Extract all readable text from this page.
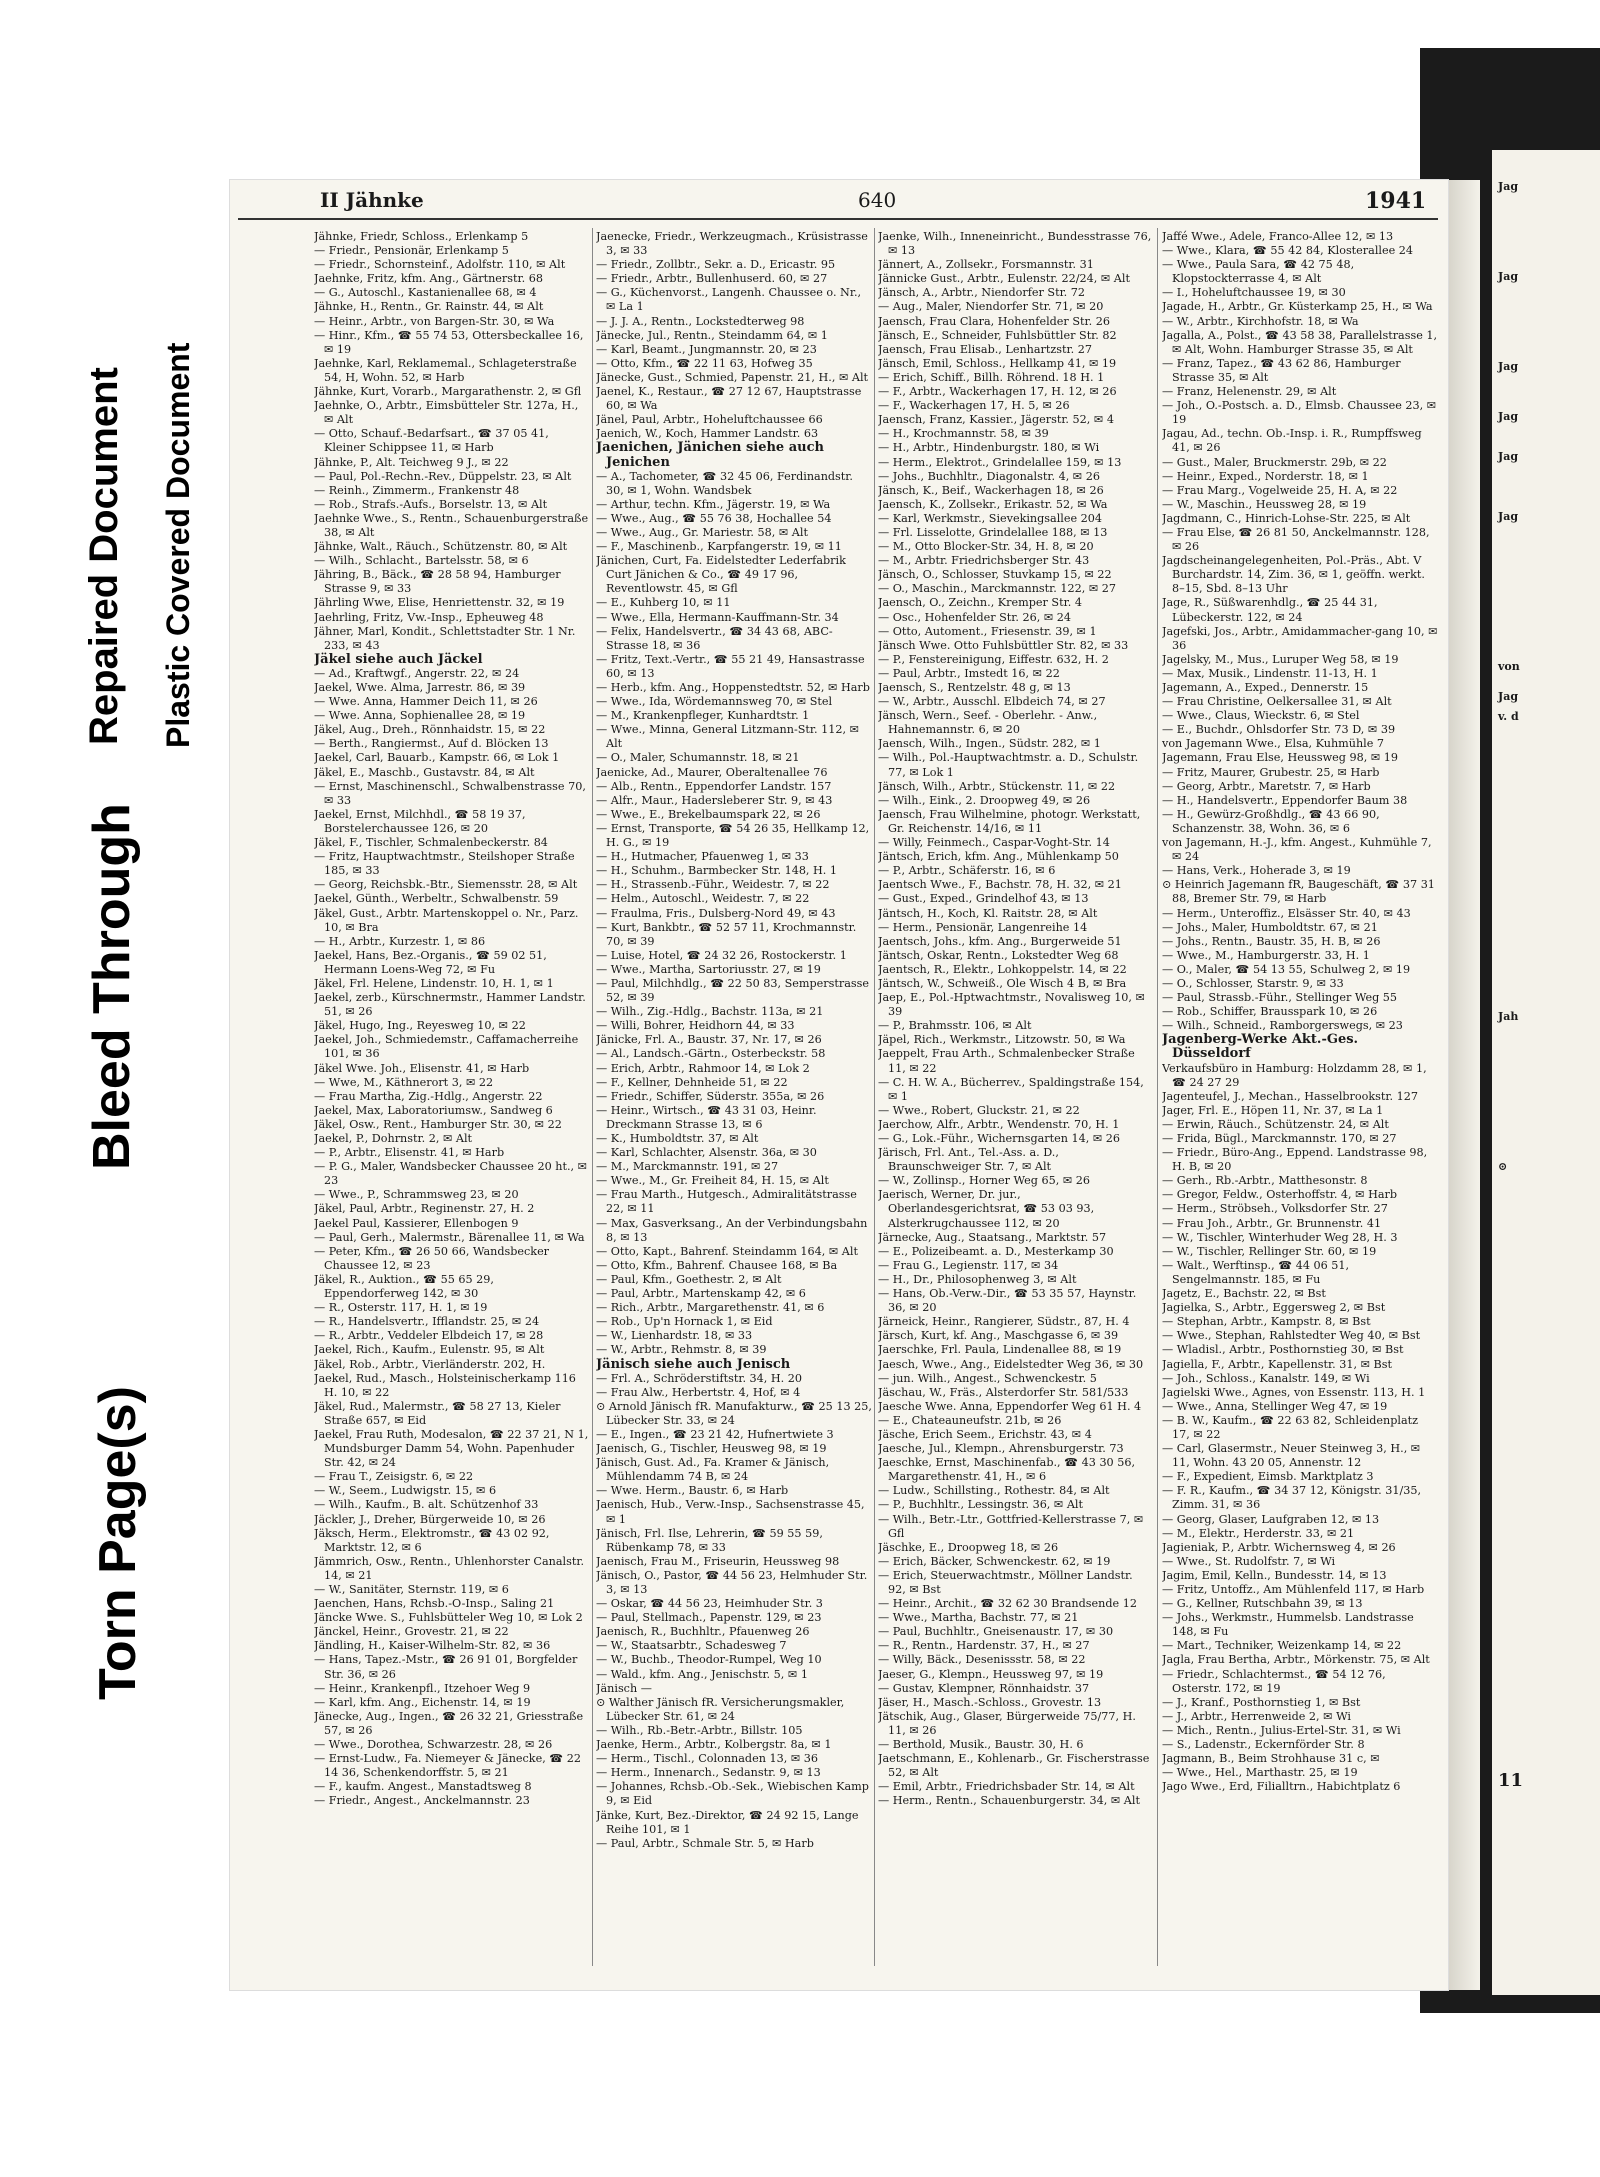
Jag
Jag
Jag
Jag
Jag
Jag
von
Jag
v. d
Jah
⊙
11
II Jähnke	640	1941

Jähnke, Friedr, Schloss., Erlenkamp 5

— Friedr., Pensionär, Erlenkamp 5

— Friedr., Schornsteinf., Adolfstr. 110, ✉ Alt

Jaehnke, Fritz, kfm. Ang., Gärtnerstr. 68

— G., Autoschl., Kastanienallee 68, ✉ 4

Jähnke, H., Rentn., Gr. Rainstr. 44, ✉ Alt

— Heinr., Arbtr., von Bargen-Str. 30, ✉ Wa

— Hinr., Kfm., ☎ 55 74 53, Ottersbeckallee 16, ✉ 19

Jaehnke, Karl, Reklamemal., Schlageterstraße 54, H, Wohn. 52, ✉ Harb

Jähnke, Kurt, Vorarb., Margarathenstr. 2, ✉ Gfl

Jaehnke, O., Arbtr., Eimsbütteler Str. 127a, H., ✉ Alt

— Otto, Schauf.-Bedarfsart., ☎ 37 05 41, Kleiner Schippsee 11, ✉ Harb

Jähnke, P., Alt. Teichweg 9 J., ✉ 22

— Paul, Pol.-Rechn.-Rev., Düppelstr. 23, ✉ Alt

— Reinh., Zimmerm., Frankenstr 48

— Rob., Strafs.-Aufs., Borselstr. 13, ✉ Alt

Jaehnke Wwe., S., Rentn., Schauenburgerstraße 38, ✉ Alt

Jähnke, Walt., Räuch., Schützenstr. 80, ✉ Alt

— Wilh., Schlacht., Bartelsstr. 58, ✉ 6

Jähring, B., Bäck., ☎ 28 58 94, Hamburger Strasse 9, ✉ 33

Jährling Wwe, Elise, Henriettenstr. 32, ✉ 19

Jaehrling, Fritz, Vw.-Insp., Epheuweg 48

Jähner, Marl, Kondit., Schlettstadter Str. 1 Nr. 233, ✉ 43

Jäkel siehe auch Jäckel

— Ad., Kraftwgf., Angerstr. 22, ✉ 24

Jaekel, Wwe. Alma, Jarrestr. 86, ✉ 39

— Wwe. Anna, Hammer Deich 11, ✉ 26

— Wwe. Anna, Sophienallee 28, ✉ 19

Jäkel, Aug., Dreh., Rönnhaidstr. 15, ✉ 22

— Berth., Rangiermst., Auf d. Blöcken 13

Jaekel, Carl, Bauarb., Kampstr. 66, ✉ Lok 1

Jäkel, E., Maschb., Gustavstr. 84, ✉ Alt

— Ernst, Maschinenschl., Schwalbenstrasse 70, ✉ 33

Jaekel, Ernst, Milchhdl., ☎ 58 19 37, Borstelerchaussee 126, ✉ 20

Jäkel, F., Tischler, Schmalenbeckerstr. 84

— Fritz, Hauptwachtmstr., Steilshoper Straße 185, ✉ 33

— Georg, Reichsbk.-Btr., Siemensstr. 28, ✉ Alt

Jaekel, Günth., Werbeltr., Schwalbenstr. 59

Jäkel, Gust., Arbtr. Martenskoppel o. Nr., Parz. 10, ✉ Bra

— H., Arbtr., Kurzestr. 1, ✉ 86

Jaekel, Hans, Bez.-Organis., ☎ 59 02 51, Hermann Loens-Weg 72, ✉ Fu

Jäkel, Frl. Helene, Lindenstr. 10, H. 1, ✉ 1

Jaekel, zerb., Kürschnermstr., Hammer Landstr. 51, ✉ 26

Jäkel, Hugo, Ing., Reyesweg 10, ✉ 22

Jaekel, Joh., Schmiedemstr., Caffamacherreihe 101, ✉ 36

Jäkel Wwe. Joh., Elisenstr. 41, ✉ Harb

— Wwe, M., Käthnerort 3, ✉ 22

— Frau Martha, Zig.-Hdlg., Angerstr. 22

Jaekel, Max, Laboratoriumsw., Sandweg 6

Jäkel, Osw., Rent., Hamburger Str. 30, ✉ 22

Jaekel, P., Dohrnstr. 2, ✉ Alt

— P., Arbtr., Elisenstr. 41, ✉ Harb

— P. G., Maler, Wandsbecker Chaussee 20 ht., ✉ 23

— Wwe., P., Schrammsweg 23, ✉ 20

Jäkel, Paul, Arbtr., Reginenstr. 27, H. 2

Jaekel Paul, Kassierer, Ellenbogen 9

— Paul, Gerh., Malermstr., Bärenallee 11, ✉ Wa

— Peter, Kfm., ☎ 26 50 66, Wandsbecker Chaussee 12, ✉ 23

Jäkel, R., Auktion., ☎ 55 65 29, Eppendorferweg 142, ✉ 30

— R., Osterstr. 117, H. 1, ✉ 19

— R., Handelsvertr., Ifflandstr. 25, ✉ 24

— R., Arbtr., Veddeler Elbdeich 17, ✉ 28

Jaekel, Rich., Kaufm., Eulenstr. 95, ✉ Alt

Jäkel, Rob., Arbtr., Vierländerstr. 202, H.

Jaekel, Rud., Masch., Holsteinischerkamp 116 H. 10, ✉ 22

Jäkel, Rud., Malermstr., ☎ 58 27 13, Kieler Straße 657, ✉ Eid

Jaekel, Frau Ruth, Modesalon, ☎ 22 37 21, N 1, Mundsburger Damm 54, Wohn. Papenhuder Str. 42, ✉ 24

— Frau T., Zeisigstr. 6, ✉ 22

— W., Seem., Ludwigstr. 15, ✉ 6

— Wilh., Kaufm., B. alt. Schützenhof 33

Jäckler, J., Dreher, Bürgerweide 10, ✉ 26

Jäksch, Herm., Elektromstr., ☎ 43 02 92, Marktstr. 12, ✉ 6

Jämmrich, Osw., Rentn., Uhlenhorster Canalstr. 14, ✉ 21

— W., Sanitäter, Sternstr. 119, ✉ 6

Jaenchen, Hans, Rchsb.-O-Insp., Saling 21

Jäncke Wwe. S., Fuhlsbütteler Weg 10, ✉ Lok 2

Jänckel, Heinr., Grovestr. 21, ✉ 22

Jändling, H., Kaiser-Wilhelm-Str. 82, ✉ 36

— Hans, Tapez.-Mstr., ☎ 26 91 01, Borgfelder Str. 36, ✉ 26

— Heinr., Krankenpfl., Itzehoer Weg 9

— Karl, kfm. Ang., Eichenstr. 14, ✉ 19

Jänecke, Aug., Ingen., ☎ 26 32 21, Griesstraße 57, ✉ 26

— Wwe., Dorothea, Schwarzestr. 28, ✉ 26

— Ernst-Ludw., Fa. Niemeyer & Jänecke, ☎ 22 14 36, Schenkendorffstr. 5, ✉ 21

— F., kaufm. Angest., Manstadtsweg 8

— Friedr., Angest., Anckelmannstr. 23

Jaenecke, Friedr., Werkzeugmach., Krüsistrasse 3, ✉ 33

— Friedr., Zollbtr., Sekr. a. D., Ericastr. 95

— Friedr., Arbtr., Bullenhuserd. 60, ✉ 27

— G., Küchenvorst., Langenh. Chaussee o. Nr., ✉ La 1

— J. J. A., Rentn., Lockstedterweg 98

Jänecke, Jul., Rentn., Steindamm 64, ✉ 1

— Karl, Beamt., Jungmannstr. 20, ✉ 23

— Otto, Kfm., ☎ 22 11 63, Hofweg 35

Jänecke, Gust., Schmied, Papenstr. 21, H., ✉ Alt

Jaenel, K., Restaur., ☎ 27 12 67, Hauptstrasse 60, ✉ Wa

Jänel, Paul, Arbtr., Hoheluftchaussee 66

Jaenich, W., Koch, Hammer Landstr. 63

Jaenichen, Jänichen siehe auch Jenichen

— A., Tachometer, ☎ 32 45 06, Ferdinandstr. 30, ✉ 1, Wohn. Wandsbek

— Arthur, techn. Kfm., Jägerstr. 19, ✉ Wa

— Wwe., Aug., ☎ 55 76 38, Hochallee 54

— Wwe., Aug., Gr. Mariestr. 58, ✉ Alt

— F., Maschinenb., Karpfangerstr. 19, ✉ 11

Jänichen, Curt, Fa. Eidelstedter Lederfabrik Curt Jänichen & Co., ☎ 49 17 96, Reventlowstr. 45, ✉ Gfl

— E., Kuhberg 10, ✉ 11

— Wwe., Ella, Hermann-Kauffmann-Str. 34

— Felix, Handelsvertr., ☎ 34 43 68, ABC-Strasse 18, ✉ 36

— Fritz, Text.-Vertr., ☎ 55 21 49, Hansastrasse 60, ✉ 13

— Herb., kfm. Ang., Hoppenstedtstr. 52, ✉ Harb

— Wwe., Ida, Wördemannsweg 70, ✉ Stel

— M., Krankenpfleger, Kunhardtstr. 1

— Wwe., Minna, General Litzmann-Str. 112, ✉ Alt

— O., Maler, Schumannstr. 18, ✉ 21

Jaenicke, Ad., Maurer, Oberaltenallee 76

— Alb., Rentn., Eppendorfer Landstr. 157

— Alfr., Maur., Hadersleberer Str. 9, ✉ 43

— Wwe., E., Brekelbaumspark 22, ✉ 26

— Ernst, Transporte, ☎ 54 26 35, Hellkamp 12, H. G., ✉ 19

— H., Hutmacher, Pfauenweg 1, ✉ 33

— H., Schuhm., Barmbecker Str. 148, H. 1

— H., Strassenb.-Führ., Weidestr. 7, ✉ 22

— Helm., Autoschl., Weidestr. 7, ✉ 22

— Fraulma, Fris., Dulsberg-Nord 49, ✉ 43

— Kurt, Bankbtr., ☎ 52 57 11, Krochmannstr. 70, ✉ 39

— Luise, Hotel, ☎ 24 32 26, Rostockerstr. 1

— Wwe., Martha, Sartoriusstr. 27, ✉ 19

— Paul, Milchhdlg., ☎ 22 50 83, Semperstrasse 52, ✉ 39

— Wilh., Zig.-Hdlg., Bachstr. 113a, ✉ 21

— Willi, Bohrer, Heidhorn 44, ✉ 33

Jänicke, Frl. A., Baustr. 37, Nr. 17, ✉ 26

— Al., Landsch.-Gärtn., Osterbeckstr. 58

— Erich, Arbtr., Rahmoor 14, ✉ Lok 2

— F., Kellner, Dehnheide 51, ✉ 22

— Friedr., Schiffer, Süderstr. 355a, ✉ 26

— Heinr., Wirtsch., ☎ 43 31 03, Heinr. Dreckmann Strasse 13, ✉ 6

— K., Humboldtstr. 37, ✉ Alt

— Karl, Schlachter, Alsenstr. 36a, ✉ 30

— M., Marckmannstr. 191, ✉ 27

— Wwe., M., Gr. Freiheit 84, H. 15, ✉ Alt

— Frau Marth., Hutgesch., Admiralitätstrasse 22, ✉ 11

— Max, Gasverksang., An der Verbindungsbahn 8, ✉ 13

— Otto, Kapt., Bahrenf. Steindamm 164, ✉ Alt

— Otto, Kfm., Bahrenf. Chausee 168, ✉ Ba

— Paul, Kfm., Goethestr. 2, ✉ Alt

— Paul, Arbtr., Martenskamp 42, ✉ 6

— Rich., Arbtr., Margarethenstr. 41, ✉ 6

— Rob., Up'n Hornack 1, ✉ Eid

— W., Lienhardstr. 18, ✉ 33

— W., Arbtr., Rehmstr. 8, ✉ 39

Jänisch siehe auch Jenisch

— Frl. A., Schröderstiftstr. 34, H. 20

— Frau Alw., Herbertstr. 4, Hof, ✉ 4

⊙ Arnold Jänisch fR. Manufakturw., ☎ 25 13 25, Lübecker Str. 33, ✉ 24

— E., Ingen., ☎ 23 21 42, Hufnertwiete 3

Jaenisch, G., Tischler, Heusweg 98, ✉ 19

Jänisch, Gust. Ad., Fa. Kramer & Jänisch, Mühlendamm 74 B, ✉ 24

— Wwe. Herm., Baustr. 6, ✉ Harb

Jaenisch, Hub., Verw.-Insp., Sachsenstrasse 45, ✉ 1

Jänisch, Frl. Ilse, Lehrerin, ☎ 59 55 59, Rübenkamp 78, ✉ 33

Jaenisch, Frau M., Friseurin, Heussweg 98

Jänisch, O., Pastor, ☎ 44 56 23, Helmhuder Str. 3, ✉ 13

— Oskar, ☎ 44 56 23, Heimhuder Str. 3

— Paul, Stellmach., Papenstr. 129, ✉ 23

Jaenisch, R., Buchhltr., Pfauenweg 26

— W., Staatsarbtr., Schadesweg 7

— W., Buchb., Theodor-Rumpel, Weg 10

— Wald., kfm. Ang., Jenischstr. 5, ✉ 1

Jänisch —

⊙ Walther Jänisch fR. Versicherungsmakler, Lübecker Str. 61, ✉ 24

— Wilh., Rb.-Betr.-Arbtr., Billstr. 105

Jaenke, Herm., Arbtr., Kolbergstr. 8a, ✉ 1

— Herm., Tischl., Colonnaden 13, ✉ 36

— Herm., Innenarch., Sedanstr. 9, ✉ 13

— Johannes, Rchsb.-Ob.-Sek., Wiebischen Kamp 9, ✉ Eid

Jänke, Kurt, Bez.-Direktor, ☎ 24 92 15, Lange Reihe 101, ✉ 1

— Paul, Arbtr., Schmale Str. 5, ✉ Harb

Jaenke, Wilh., Inneneinricht., Bundesstrasse 76, ✉ 13

Jännert, A., Zollsekr., Forsmannstr. 31

Jännicke Gust., Arbtr., Eulenstr. 22/24, ✉ Alt

Jänsch, A., Arbtr., Niendorfer Str. 72

— Aug., Maler, Niendorfer Str. 71, ✉ 20

Jaensch, Frau Clara, Hohenfelder Str. 26

Jänsch, E., Schneider, Fuhlsbüttler Str. 82

Jaensch, Frau Elisab., Lenhartzstr. 27

Jänsch, Emil, Schloss., Hellkamp 41, ✉ 19

— Erich, Schiff., Billh. Röhrend. 18 H. 1

— F., Arbtr., Wackerhagen 17, H. 12, ✉ 26

— F., Wackerhagen 17, H. 5, ✉ 26

Jaensch, Franz, Kassier., Jägerstr. 52, ✉ 4

— H., Krochmannstr. 58, ✉ 39

— H., Arbtr., Hindenburgstr. 180, ✉ Wi

— Herm., Elektrot., Grindelallee 159, ✉ 13

— Johs., Buchhltr., Diagonalstr. 4, ✉ 26

Jänsch, K., Beif., Wackerhagen 18, ✉ 26

Jaensch, K., Zollsekr., Erikastr. 52, ✉ Wa

— Karl, Werkmstr., Sievekingsallee 204

— Frl. Lisselotte, Grindelallee 188, ✉ 13

— M., Otto Blocker-Str. 34, H. 8, ✉ 20

— M., Arbtr. Friedrichsberger Str. 43

Jänsch, O., Schlosser, Stuvkamp 15, ✉ 22

— O., Maschin., Marckmannstr. 122, ✉ 27

Jaensch, O., Zeichn., Kremper Str. 4

— Osc., Hohenfelder Str. 26, ✉ 24

— Otto, Automent., Friesenstr. 39, ✉ 1

Jänsch Wwe. Otto Fuhlsbüttler Str. 82, ✉ 33

— P., Fenstereinigung, Eiffestr. 632, H. 2

— Paul, Arbtr., Imstedt 16, ✉ 22

Jaensch, S., Rentzelstr. 48 g, ✉ 13

— W., Arbtr., Ausschl. Elbdeich 74, ✉ 27

Jänsch, Wern., Seef. - Oberlehr. - Anw., Hahnemannstr. 6, ✉ 20

Jaensch, Wilh., Ingen., Südstr. 282, ✉ 1

— Wilh., Pol.-Hauptwachtmstr. a. D., Schulstr. 77, ✉ Lok 1

Jänsch, Wilh., Arbtr., Stückenstr. 11, ✉ 22

— Wilh., Eink., 2. Droopweg 49, ✉ 26

Jaensch, Frau Wilhelmine, photogr. Werkstatt, Gr. Reichenstr. 14/16, ✉ 11

— Willy, Feinmech., Caspar-Voght-Str. 14

Jäntsch, Erich, kfm. Ang., Mühlenkamp 50

— P., Arbtr., Schäferstr. 16, ✉ 6

Jaentsch Wwe., F., Bachstr. 78, H. 32, ✉ 21

— Gust., Exped., Grindelhof 43, ✉ 13

Jäntsch, H., Koch, Kl. Raitstr. 28, ✉ Alt

— Herm., Pensionär, Langenreihe 14

Jaentsch, Johs., kfm. Ang., Burgerweide 51

Jäntsch, Oskar, Rentn., Lokstedter Weg 68

Jaentsch, R., Elektr., Lohkoppelstr. 14, ✉ 22

Jäntsch, W., Schweiß., Ole Wisch 4 B, ✉ Bra

Jaep, E., Pol.-Hptwachtmstr., Novalisweg 10, ✉ 39

— P., Brahmsstr. 106, ✉ Alt

Jäpel, Rich., Werkmstr., Litzowstr. 50, ✉ Wa

Jaeppelt, Frau Arth., Schmalenbecker Straße 11, ✉ 22

— C. H. W. A., Bücherrev., Spaldingstraße 154, ✉ 1

— Wwe., Robert, Gluckstr. 21, ✉ 22

Jaerchow, Alfr., Arbtr., Wendenstr. 70, H. 1

— G., Lok.-Führ., Wichernsgarten 14, ✉ 26

Järisch, Frl. Ant., Tel.-Ass. a. D., Braunschweiger Str. 7, ✉ Alt

— W., Zollinsp., Horner Weg 65, ✉ 26

Jaerisch, Werner, Dr. jur., Oberlandesgerichtsrat, ☎ 53 03 93, Alsterkrugchaussee 112, ✉ 20

Järnecke, Aug., Staatsang., Marktstr. 57

— E., Polizeibeamt. a. D., Mesterkamp 30

— Frau G., Legienstr. 117, ✉ 34

— H., Dr., Philosophenweg 3, ✉ Alt

— Hans, Ob.-Verw.-Dir., ☎ 53 35 57, Haynstr. 36, ✉ 20

Järneick, Heinr., Rangierer, Südstr., 87, H. 4

Järsch, Kurt, kf. Ang., Maschgasse 6, ✉ 39

Jaerschke, Frl. Paula, Lindenallee 88, ✉ 19

Jaesch, Wwe., Ang., Eidelstedter Weg 36, ✉ 30

— jun. Wilh., Angest., Schwenckestr. 5

Jäschau, W., Fräs., Alsterdorfer Str. 581/533

Jaesche Wwe. Anna, Eppendorfer Weg 61 H. 4

— E., Chateauneufstr. 21b, ✉ 26

Jäsche, Erich Seem., Erichstr. 43, ✉ 4

Jaesche, Jul., Klempn., Ahrensburgerstr. 73

Jaeschke, Ernst, Maschinenfab., ☎ 43 30 56, Margarethenstr. 41, H., ✉ 6

— Ludw., Schillsting., Rothestr. 84, ✉ Alt

— P., Buchhltr., Lessingstr. 36, ✉ Alt

— Wilh., Betr.-Ltr., Gottfried-Kellerstrasse 7, ✉ Gfl

Jäschke, E., Droopweg 18, ✉ 26

— Erich, Bäcker, Schwenckestr. 62, ✉ 19

— Erich, Steuerwachtmstr., Möllner Landstr. 92, ✉ Bst

— Heinr., Archit., ☎ 32 62 30 Brandsende 12

— Wwe., Martha, Bachstr. 77, ✉ 21

— Paul, Buchhltr., Gneisenaustr. 17, ✉ 30

— R., Rentn., Hardenstr. 37, H., ✉ 27

— Willy, Bäck., Desenissstr. 58, ✉ 22

Jaeser, G., Klempn., Heussweg 97, ✉ 19

— Gustav, Klempner, Rönnhaidstr. 37

Jäser, H., Masch.-Schloss., Grovestr. 13

Jätschik, Aug., Glaser, Bürgerweide 75/77, H. 11, ✉ 26

— Berthold, Musik., Baustr. 30, H. 6

Jaetschmann, E., Kohlenarb., Gr. Fischerstrasse 52, ✉ Alt

— Emil, Arbtr., Friedrichsbader Str. 14, ✉ Alt

— Herm., Rentn., Schauenburgerstr. 34, ✉ Alt

Jaffé Wwe., Adele, Franco-Allee 12, ✉ 13

— Wwe., Klara, ☎ 55 42 84, Klosterallee 24

— Wwe., Paula Sara, ☎ 42 75 48, Klopstockterrasse 4, ✉ Alt

— I., Hoheluftchaussee 19, ✉ 30

Jagade, H., Arbtr., Gr. Küsterkamp 25, H., ✉ Wa

— W., Arbtr., Kirchhofstr. 18, ✉ Wa

Jagalla, A., Polst., ☎ 43 58 38, Parallelstrasse 1, ✉ Alt, Wohn. Hamburger Strasse 35, ✉ Alt

— Franz, Tapez., ☎ 43 62 86, Hamburger Strasse 35, ✉ Alt

— Franz, Helenenstr. 29, ✉ Alt

— Joh., O.-Postsch. a. D., Elmsb. Chaussee 23, ✉ 19

Jagau, Ad., techn. Ob.-Insp. i. R., Rumpffsweg 41, ✉ 26

— Gust., Maler, Bruckmerstr. 29b, ✉ 22

— Heinr., Exped., Norderstr. 18, ✉ 1

— Frau Marg., Vogelweide 25, H. A, ✉ 22

— W., Maschin., Heussweg 28, ✉ 19

Jagdmann, C., Hinrich-Lohse-Str. 225, ✉ Alt

— Frau Else, ☎ 26 81 50, Anckelmannstr. 128, ✉ 26

Jagdscheinangelegenheiten, Pol.-Präs., Abt. V Burchardstr. 14, Zim. 36, ✉ 1, geöffn. werkt. 8–15, Sbd. 8–13 Uhr

Jage, R., Süßwarenhdlg., ☎ 25 44 31, Lübeckerstr. 122, ✉ 24

Jagefski, Jos., Arbtr., Amidammacher-gang 10, ✉ 36

Jagelsky, M., Mus., Luruper Weg 58, ✉ 19

— Max, Musik., Lindenstr. 11-13, H. 1

Jagemann, A., Exped., Dennerstr. 15

— Frau Christine, Oelkersallee 31, ✉ Alt

— Wwe., Claus, Wieckstr. 6, ✉ Stel

— E., Buchdr., Ohlsdorfer Str. 73 D, ✉ 39

von Jagemann Wwe., Elsa, Kuhmühle 7

Jagemann, Frau Else, Heussweg 98, ✉ 19

— Fritz, Maurer, Grubestr. 25, ✉ Harb

— Georg, Arbtr., Maretstr. 7, ✉ Harb

— H., Handelsvertr., Eppendorfer Baum 38

— H., Gewürz-Großhdlg., ☎ 43 66 90, Schanzenstr. 38, Wohn. 36, ✉ 6

von Jagemann, H.-J., kfm. Angest., Kuhmühle 7, ✉ 24

— Hans, Verk., Hoherade 3, ✉ 19

⊙ Heinrich Jagemann fR, Baugeschäft, ☎ 37 31 88, Bremer Str. 79, ✉ Harb

— Herm., Unteroffiz., Elsässer Str. 40, ✉ 43

— Johs., Maler, Humboldtstr. 67, ✉ 21

— Johs., Rentn., Baustr. 35, H. B, ✉ 26

— Wwe., M., Hamburgerstr. 33, H. 1

— O., Maler, ☎ 54 13 55, Schulweg 2, ✉ 19

— O., Schlosser, Starstr. 9, ✉ 33

— Paul, Strassb.-Führ., Stellinger Weg 55

— Rob., Schiffer, Brausspark 10, ✉ 26

— Wilh., Schneid., Ramborgerswegs, ✉ 23

Jagenberg-Werke Akt.-Ges. Düsseldorf

Verkaufsbüro in Hamburg: Holzdamm 28, ✉ 1, ☎ 24 27 29

Jagenteufel, J., Mechan., Hasselbrookstr. 127

Jager, Frl. E., Höpen 11, Nr. 37, ✉ La 1

— Erwin, Räuch., Schützenstr. 24, ✉ Alt

— Frida, Bügl., Marckmannstr. 170, ✉ 27

— Friedr., Büro-Ang., Eppend. Landstrasse 98, H. B, ✉ 20

— Gerh., Rb.-Arbtr., Matthesonstr. 8

— Gregor, Feldw., Osterhoffstr. 4, ✉ Harb

— Herm., Ströbseh., Volksdorfer Str. 27

— Frau Joh., Arbtr., Gr. Brunnenstr. 41

— W., Tischler, Winterhuder Weg 28, H. 3

— W., Tischler, Rellinger Str. 60, ✉ 19

— Walt., Werftinsp., ☎ 44 06 51, Sengelmannstr. 185, ✉ Fu

Jagetz, E., Bachstr. 22, ✉ Bst

Jagielka, S., Arbtr., Eggersweg 2, ✉ Bst

— Stephan, Arbtr., Kampstr. 8, ✉ Bst

— Wwe., Stephan, Rahlstedter Weg 40, ✉ Bst

— Wladisl., Arbtr., Posthornstieg 30, ✉ Bst

Jagiella, F., Arbtr., Kapellenstr. 31, ✉ Bst

— Joh., Schloss., Kanalstr. 149, ✉ Wi

Jagielski Wwe., Agnes, von Essenstr. 113, H. 1

— Wwe., Anna, Stellinger Weg 47, ✉ 19

— B. W., Kaufm., ☎ 22 63 82, Schleidenplatz 17, ✉ 22

— Carl, Glasermstr., Neuer Steinweg 3, H., ✉ 11, Wohn. 43 20 05, Annenstr. 12

— F., Expedient, Eimsb. Marktplatz 3

— F. R., Kaufm., ☎ 34 37 12, Königstr. 31/35, Zimm. 31, ✉ 36

— Georg, Glaser, Laufgraben 12, ✉ 13

— M., Elektr., Herderstr. 33, ✉ 21

Jagieniak, P., Arbtr. Wichernsweg 4, ✉ 26

— Wwe., St. Rudolfstr. 7, ✉ Wi

Jagim, Emil, Kelln., Bundesstr. 14, ✉ 13

— Fritz, Untoffz., Am Mühlenfeld 117, ✉ Harb

— G., Kellner, Rutschbahn 39, ✉ 13

— Johs., Werkmstr., Hummelsb. Landstrasse 148, ✉ Fu

— Mart., Techniker, Weizenkamp 14, ✉ 22

Jagla, Frau Bertha, Arbtr., Mörkenstr. 75, ✉ Alt

— Friedr., Schlachtermst., ☎ 54 12 76, Osterstr. 172, ✉ 19

— J., Kranf., Posthornstieg 1, ✉ Bst

— J., Arbtr., Herrenweide 2, ✉ Wi

— Mich., Rentn., Julius-Ertel-Str. 31, ✉ Wi

— S., Ladenstr., Eckernförder Str. 8

Jagmann, B., Beim Strohhause 31 c, ✉

— Wwe., Hel., Marthastr. 25, ✉ 19

Jago Wwe., Erd, Filialltrn., Habichtplatz 6

Torn Page(s)
Bleed Through
Repaired Document Plastic Covered Document
